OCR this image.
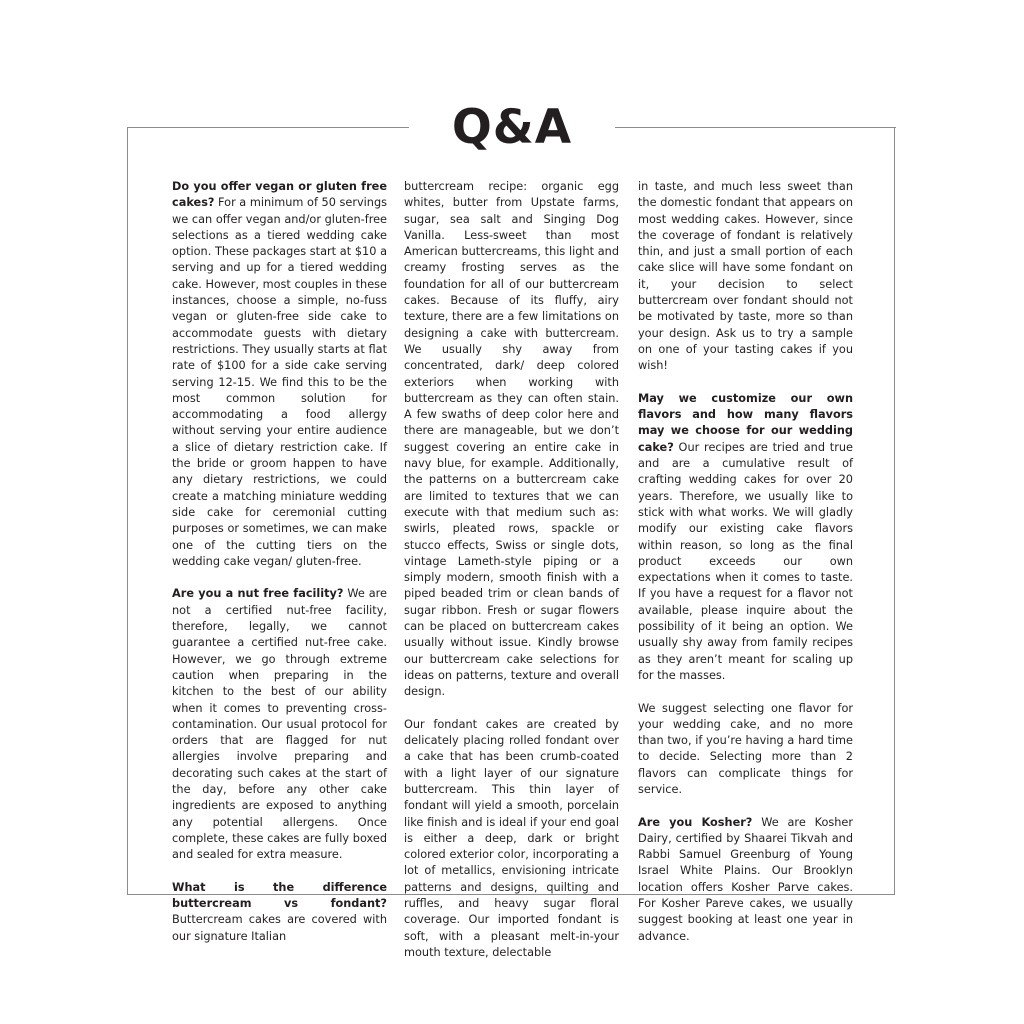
Q&A

Do you offer vegan or gluten free cakes? For a minimum of 50 servings we can offer vegan and/or gluten-free selections as a tiered wedding cake option. These packages start at $10 a serving and up for a tiered wedding cake. However, most couples in these instances, choose a simple, no-fuss vegan or gluten-free side cake to accommodate guests with dietary restrictions. They usually starts at flat rate of $100 for a side cake serving serving 12-15. We find this to be the most common solution for accommodating a food allergy without serving your entire audience a slice of dietary restriction cake. If the bride or groom happen to have any dietary restrictions, we could create a matching miniature wedding side cake for ceremonial cutting purposes or sometimes, we can make one of the cutting tiers on the wedding cake vegan/ gluten-free.

Are you a nut free facility? We are not a certified nut-free facility, therefore, legally, we cannot guarantee a certified nut-free cake. However, we go through extreme caution when preparing in the kitchen to the best of our ability when it comes to preventing cross-contamination. Our usual protocol for orders that are flagged for nut allergies involve preparing and decorating such cakes at the start of the day, before any other cake ingredients are exposed to anything any potential allergens. Once complete, these cakes are fully boxed and sealed for extra measure.

What is the difference buttercream vs fondant? Buttercream cakes are covered with our signature Italian

buttercream recipe: organic egg whites, butter from Upstate farms, sugar, sea salt and Singing Dog Vanilla. Less-sweet than most American buttercreams, this light and creamy frosting serves as the foundation for all of our buttercream cakes. Because of its fluffy, airy texture, there are a few limitations on designing a cake with buttercream. We usually shy away from concentrated, dark/ deep colored exteriors when working with buttercream as they can often stain. A few swaths of deep color here and there are manageable, but we don’t suggest covering an entire cake in navy blue, for example. Additionally, the patterns on a buttercream cake are limited to textures that we can execute with that medium such as: swirls, pleated rows, spackle or stucco effects, Swiss or single dots, vintage Lameth-style piping or a simply modern, smooth finish with a piped beaded trim or clean bands of sugar ribbon. Fresh or sugar flowers can be placed on buttercream cakes usually without issue. Kindly browse our buttercream cake selections for ideas on patterns, texture and overall design.

Our fondant cakes are created by delicately placing rolled fondant over a cake that has been crumb-coated with a light layer of our signature buttercream. This thin layer of fondant will yield a smooth, porcelain like finish and is ideal if your end goal is either a deep, dark or bright colored exterior color, incorporating a lot of metallics, envisioning intricate patterns and designs, quilting and ruffles, and heavy sugar floral coverage. Our imported fondant is soft, with a pleasant melt-in-your mouth texture, delectable

in taste, and much less sweet than the domestic fondant that appears on most wedding cakes. However, since the coverage of fondant is relatively thin, and just a small portion of each cake slice will have some fondant on it, your decision to select buttercream over fondant should not be motivated by taste, more so than your design. Ask us to try a sample on one of your tasting cakes if you wish!

May we customize our own flavors and how many flavors may we choose for our wedding cake? Our recipes are tried and true and are a cumulative result of crafting wedding cakes for over 20 years. Therefore, we usually like to stick with what works. We will gladly modify our existing cake flavors within reason, so long as the final product exceeds our own expectations when it comes to taste. If you have a request for a flavor not available, please inquire about the possibility of it being an option. We usually shy away from family recipes as they aren’t meant for scaling up for the masses.

We suggest selecting one flavor for your wedding cake, and no more than two, if you’re having a hard time to decide. Selecting more than 2 flavors can complicate things for service.

Are you Kosher? We are Kosher Dairy, certified by Shaarei Tikvah and Rabbi Samuel Greenburg of Young Israel White Plains. Our Brooklyn location offers Kosher Parve cakes. For Kosher Pareve cakes, we usually suggest booking at least one year in advance.
